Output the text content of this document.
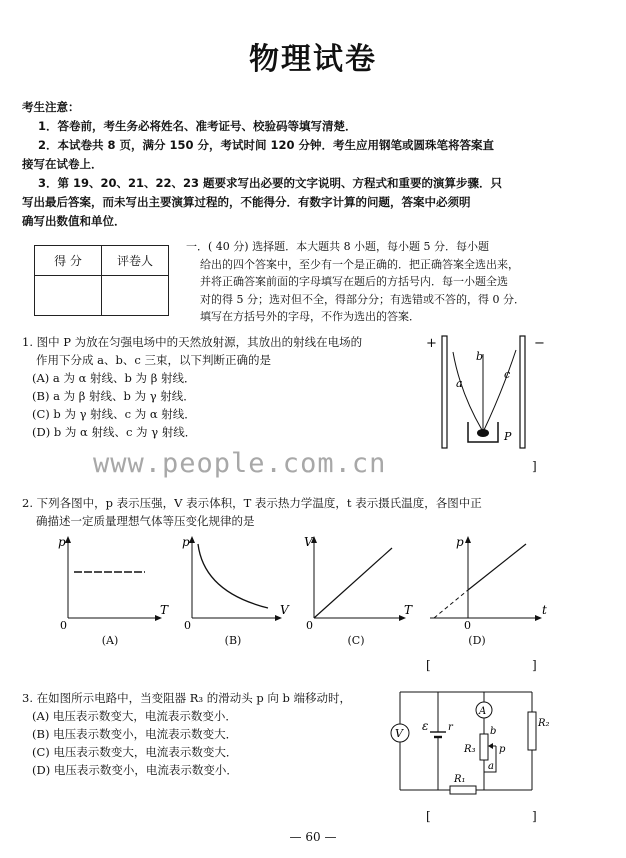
物理试卷
考生注意：
1．答卷前，考生务必将姓名、准考证号、校验码等填写清楚．
2．本试卷共 8 页，满分 150 分，考试时间 120 分钟．考生应用钢笔或圆珠笔将答案直
接写在试卷上．
3．第 19、20、21、22、23 题要求写出必要的文字说明、方程式和重要的演算步骤．只
写出最后答案，而未写出主要演算过程的，不能得分．有数字计算的问题，答案中必须明
确写出数值和单位．
得 分	评卷人

一．( 40 分) 选择题．本大题共 8 小题，每小题 5 分．每小题
给出的四个答案中，至少有一个是正确的．把正确答案全选出来，
并将正确答案前面的字母填写在题后的方括号内．每一小题全选
对的得 5 分；选对但不全，得部分分；有选错或不答的，得 0 分．
填写在方括号外的字母，不作为选出的答案．
1. 图中 P 为放在匀强电场中的天然放射源，其放出的射线在电场的
作用下分成 a、b、c 三束，以下判断正确的是
(A) a 为 α 射线、b 为 β 射线．
(B) a 为 β 射线、b 为 γ 射线．
(C) b 为 γ 射线、c 为 α 射线．
(D) b 为 α 射线、c 为 γ 射线．
+	−
a
b
c
P
www.people.com.cn	]
2. 下列各图中，p 表示压强，V 表示体积，T 表示热力学温度，t 表示摄氏温度，各图中正
确描述一定质量理想气体等压变化规律的是
p
T
0
(A)
p
V
0
(B)
V
T
0
(C)
p
t
0
(D)
[	]
3. 在如图所示电路中，当变阻器 R₃ 的滑动头 p 向 b 端移动时，
(A) 电压表示数变大，电流表示数变小．
(B) 电压表示数变小，电流表示数变大．
(C) 电压表示数变大，电流表示数变大．
(D) 电压表示数变小，电流表示数变小．
V
ε r
A
b
a
p
R₃
R₂
R₁
[	]
— 60 —
